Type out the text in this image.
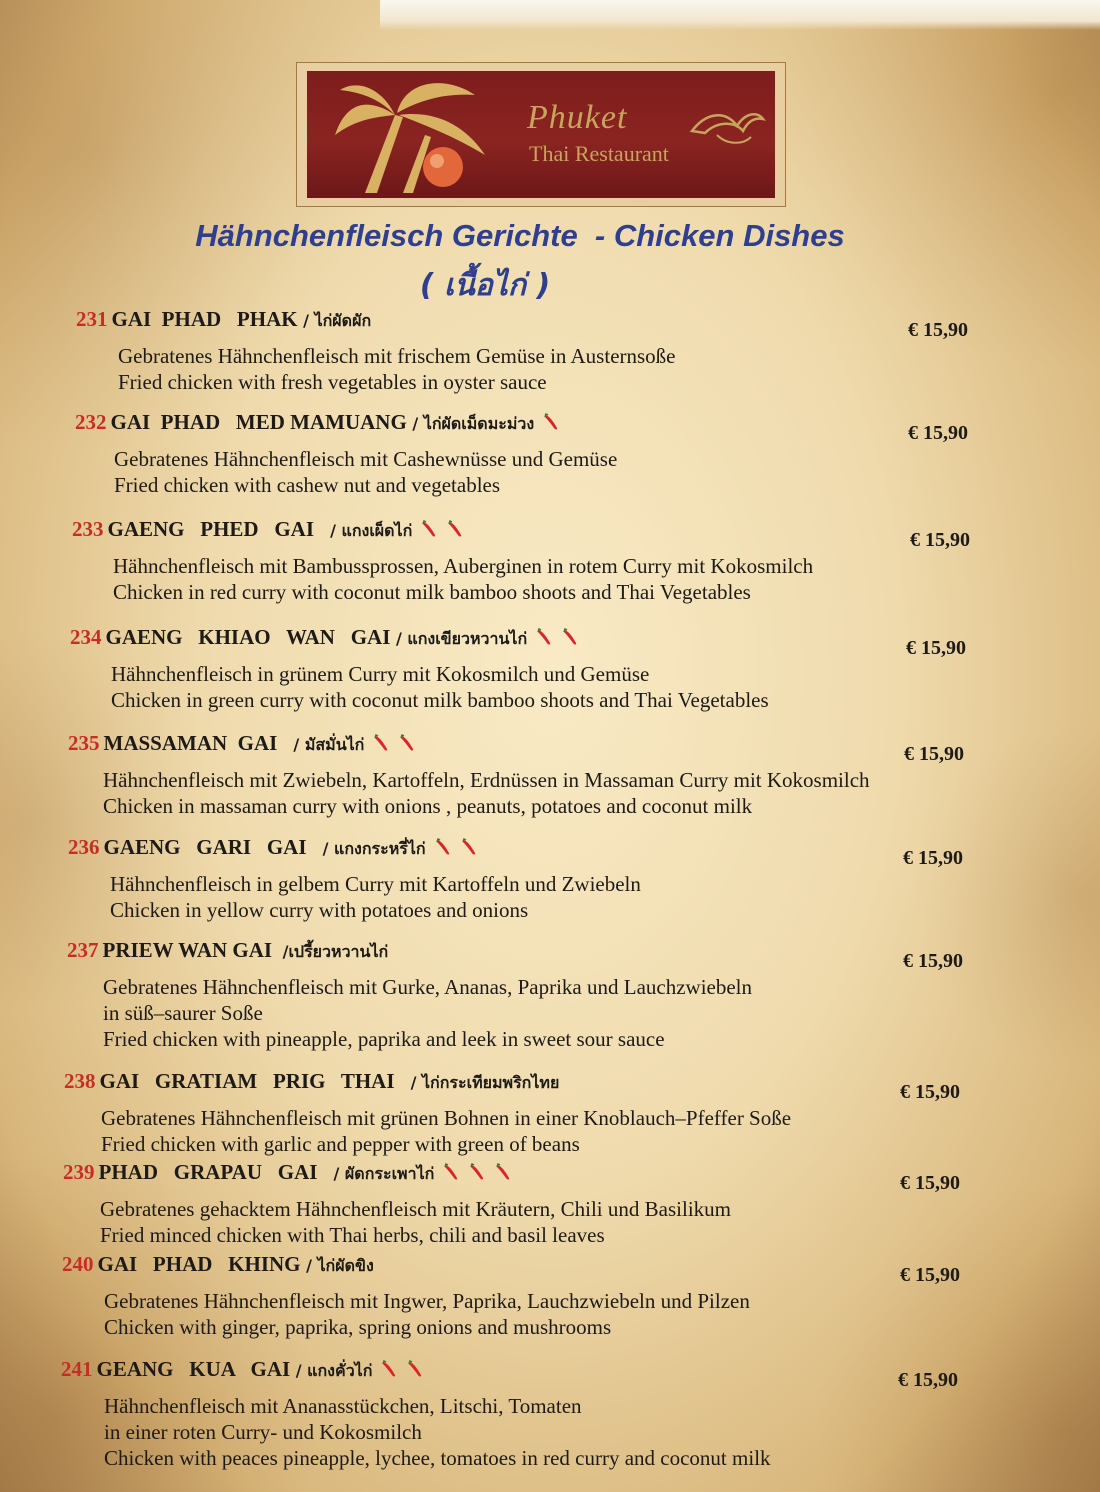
Phuket
Thai Restaurant
Hähnchenfleisch Gerichte  - Chicken Dishes
( เนื้อไก่ )
231 GAI  PHAD   PHAK / ไก่ผัดผัก	€ 15,90
Gebratenes Hähnchenfleisch mit frischem Gemüse in Austernsoße
Fried chicken with fresh vegetables in oyster sauce
232 GAI  PHAD   MED MAMUANG / ไก่ผัดเม็ดมะม่วง	€ 15,90
Gebratenes Hähnchenfleisch mit Cashewnüsse und Gemüse
Fried chicken with cashew nut and vegetables
233 GAENG   PHED   GAI   / แกงเผ็ดไก่	€ 15,90
Hähnchenfleisch mit Bambussprossen, Auberginen in rotem Curry mit Kokosmilch
Chicken in red curry with coconut milk bamboo shoots and Thai Vegetables
234 GAENG   KHIAO   WAN   GAI / แกงเขียวหวานไก่	€ 15,90
Hähnchenfleisch in grünem Curry mit Kokosmilch und Gemüse
Chicken in green curry with coconut milk bamboo shoots and Thai Vegetables
235 MASSAMAN  GAI   / มัสมั่นไก่	€ 15,90
Hähnchenfleisch mit Zwiebeln, Kartoffeln, Erdnüssen in Massaman Curry mit Kokosmilch
Chicken in massaman curry with onions , peanuts, potatoes and coconut milk
236 GAENG   GARI   GAI   / แกงกระหรี่ไก่	€ 15,90
Hähnchenfleisch in gelbem Curry mit Kartoffeln und Zwiebeln
Chicken in yellow curry with potatoes and onions
237 PRIEW WAN GAI  /เปรี้ยวหวานไก่	€ 15,90
Gebratenes Hähnchenfleisch mit Gurke, Ananas, Paprika und Lauchzwiebeln
in süß–saurer Soße
Fried chicken with pineapple, paprika and leek in sweet sour sauce
238 GAI   GRATIAM   PRIG   THAI   / ไก่กระเทียมพริกไทย	€ 15,90
Gebratenes Hähnchenfleisch mit grünen Bohnen in einer Knoblauch–Pfeffer Soße
Fried chicken with garlic and pepper with green of beans
239 PHAD   GRAPAU   GAI   / ผัดกระเพาไก่	€ 15,90
Gebratenes gehacktem Hähnchenfleisch mit Kräutern, Chili und Basilikum
Fried minced chicken with Thai herbs, chili and basil leaves
240 GAI   PHAD   KHING / ไก่ผัดขิง	€ 15,90
Gebratenes Hähnchenfleisch mit Ingwer, Paprika, Lauchzwiebeln und Pilzen
Chicken with ginger, paprika, spring onions and mushrooms
241 GEANG   KUA   GAI / แกงคั่วไก่	€ 15,90
Hähnchenfleisch mit Ananasstückchen, Litschi, Tomaten
in einer roten Curry- und Kokosmilch
Chicken with peaces pineapple, lychee, tomatoes in red curry and coconut milk
